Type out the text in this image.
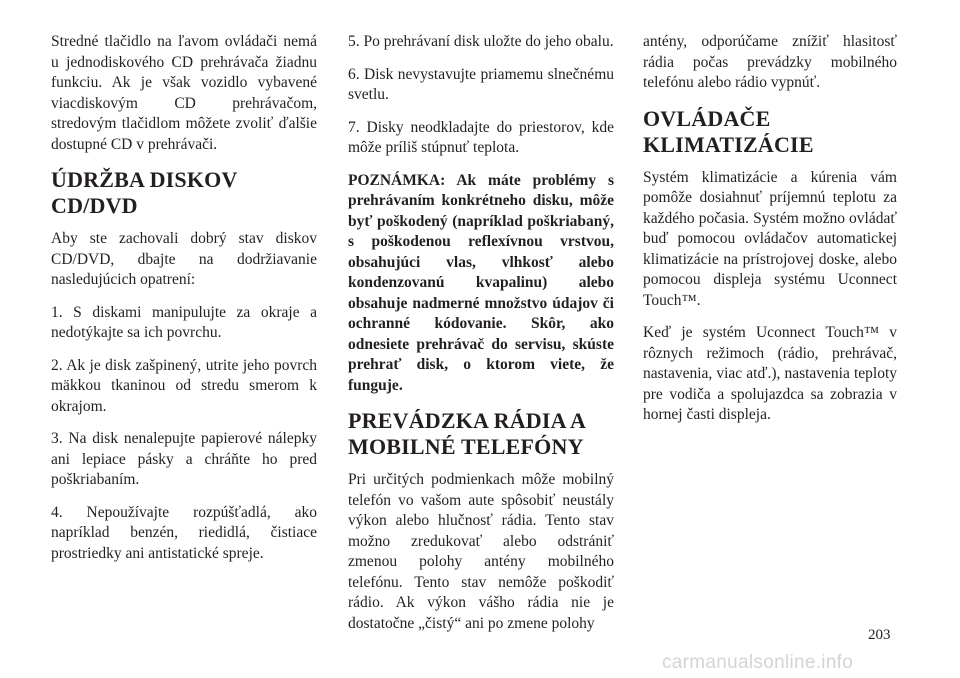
Stredné tlačidlo na ľavom ovládači nemá u jednodiskového CD prehrávača žiadnu funkciu. Ak je však vozidlo vybavené viacdiskovým CD prehrávačom, stredovým tlačidlom môžete zvoliť ďalšie dostupné CD v prehrávači.

ÚDRŽBA DISKOV
CD/DVD

Aby ste zachovali dobrý stav diskov CD/DVD, dbajte na dodržiavanie nasledujúcich opatrení:

1. S diskami manipulujte za okraje a nedotýkajte sa ich povrchu.

2. Ak je disk zašpinený, utrite jeho povrch mäkkou tkaninou od stredu smerom k okrajom.

3. Na disk nenalepujte papierové nálepky ani lepiace pásky a chráňte ho pred poškriabaním.

4. Nepoužívajte rozpúšťadlá, ako napríklad benzén, riedidlá, čistiace prostriedky ani antistatické spreje.

5. Po prehrávaní disk uložte do jeho obalu.

6. Disk nevystavujte priamemu slnečnému svetlu.

7. Disky neodkladajte do priestorov, kde môže príliš stúpnuť teplota.

POZNÁMKA: Ak máte problémy s prehrávaním konkrétneho disku, môže byť poškodený (napríklad poškriabaný, s poškodenou reflexívnou vrstvou, obsahujúci vlas, vlhkosť alebo kondenzovanú kvapalinu) alebo obsahuje nadmerné množstvo údajov či ochranné kódovanie. Skôr, ako odnesiete prehrávač do servisu, skúste prehrať disk, o ktorom viete, že funguje.

PREVÁDZKA RÁDIA A
MOBILNÉ TELEFÓNY

Pri určitých podmienkach môže mobilný telefón vo vašom aute spôsobiť neustály výkon alebo hlučnosť rádia. Tento stav možno zredukovať alebo odstrániť zmenou polohy antény mobilného telefónu. Tento stav nemôže poškodiť rádio. Ak výkon vášho rádia nie je dostatočne „čistý“ ani po zmene polohy

antény, odporúčame znížiť hlasitosť rádia počas prevádzky mobilného telefónu alebo rádio vypnúť.

OVLÁDAČE
KLIMATIZÁCIE

Systém klimatizácie a kúrenia vám pomôže dosiahnuť príjemnú teplotu za každého počasia. Systém možno ovládať buď pomocou ovládačov automatickej klimatizácie na prístrojovej doske, alebo pomocou displeja systému Uconnect Touch™.

Keď je systém Uconnect Touch™ v rôznych režimoch (rádio, prehrávač, nastavenia, viac atď.), nastavenia teploty pre vodiča a spolujazdca sa zobrazia v hornej časti displeja.

203
carmanualsonline.info
